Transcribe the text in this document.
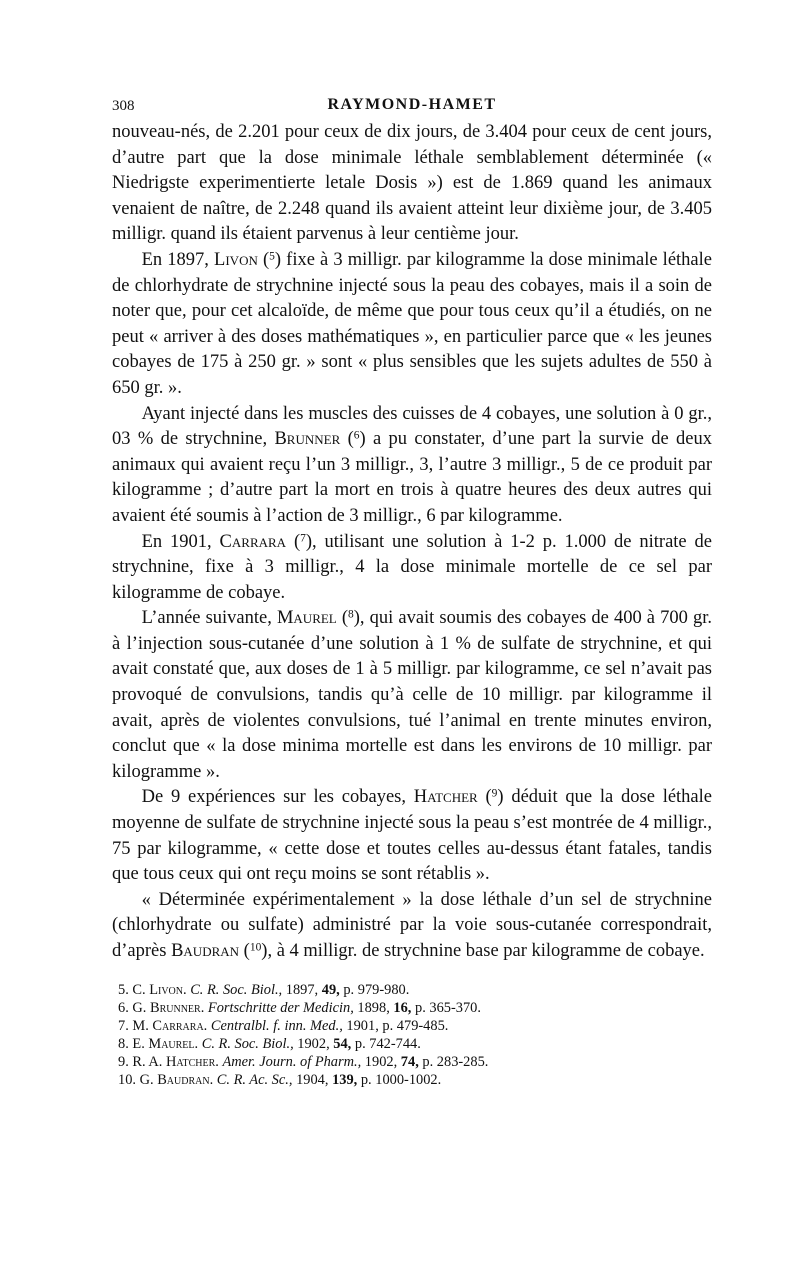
308	RAYMOND-HAMET

nouveau-nés, de 2.201 pour ceux de dix jours, de 3.404 pour ceux de cent jours, d’autre part que la dose minimale léthale semblablement déterminée (« Niedrigste experimentierte letale Dosis ») est de 1.869 quand les animaux venaient de naître, de 2.248 quand ils avaient atteint leur dixième jour, de 3.405 milligr. quand ils étaient parvenus à leur centième jour.

En 1897, Livon ($^5$) fixe à 3 milligr. par kilogramme la dose minimale léthale de chlorhydrate de strychnine injecté sous la peau des cobayes, mais il a soin de noter que, pour cet alcaloïde, de même que pour tous ceux qu’il a étudiés, on ne peut « arriver à des doses mathématiques », en particulier parce que « les jeunes cobayes de 175 à 250 gr. » sont « plus sensibles que les sujets adultes de 550 à 650 gr. ».

Ayant injecté dans les muscles des cuisses de 4 cobayes, une solution à 0 gr., 03 % de strychnine, Brunner ($^6$) a pu constater, d’une part la survie de deux animaux qui avaient reçu l’un 3 milligr., 3, l’autre 3 milligr., 5 de ce produit par kilogramme ; d’autre part la mort en trois à quatre heures des deux autres qui avaient été soumis à l’action de 3 milligr., 6 par kilogramme.

En 1901, Carrara ($^7$), utilisant une solution à 1-2 p. 1.000 de nitrate de strychnine, fixe à 3 milligr., 4 la dose minimale mortelle de ce sel par kilogramme de cobaye.

L’année suivante, Maurel ($^8$), qui avait soumis des cobayes de 400 à 700 gr. à l’injection sous-cutanée d’une solution à 1 % de sulfate de strychnine, et qui avait constaté que, aux doses de 1 à 5 milligr. par kilogramme, ce sel n’avait pas provoqué de convulsions, tandis qu’à celle de 10 milligr. par kilogramme il avait, après de violentes convulsions, tué l’animal en trente minutes environ, conclut que « la dose minima mortelle est dans les environs de 10 milligr. par kilogramme ».

De 9 expériences sur les cobayes, Hatcher ($^9$) déduit que la dose léthale moyenne de sulfate de strychnine injecté sous la peau s’est montrée de 4 milligr., 75 par kilogramme, « cette dose et toutes celles au-dessus étant fatales, tandis que tous ceux qui ont reçu moins se sont rétablis ».

« Déterminée expérimentalement » la dose léthale d’un sel de strychnine (chlorhydrate ou sulfate) administré par la voie sous-cutanée correspondrait, d’après Baudran ($^{10}$), à 4 milligr. de strychnine base par kilogramme de cobaye.

5. C. Livon. C. R. Soc. Biol., 1897, 49, p. 979-980.
6. G. Brunner. Fortschritte der Medicin, 1898, 16, p. 365-370.
7. M. Carrara. Centralbl. f. inn. Med., 1901, p. 479-485.
8. E. Maurel. C. R. Soc. Biol., 1902, 54, p. 742-744.
9. R. A. Hatcher. Amer. Journ. of Pharm., 1902, 74, p. 283-285.
10. G. Baudran. C. R. Ac. Sc., 1904, 139, p. 1000-1002.
